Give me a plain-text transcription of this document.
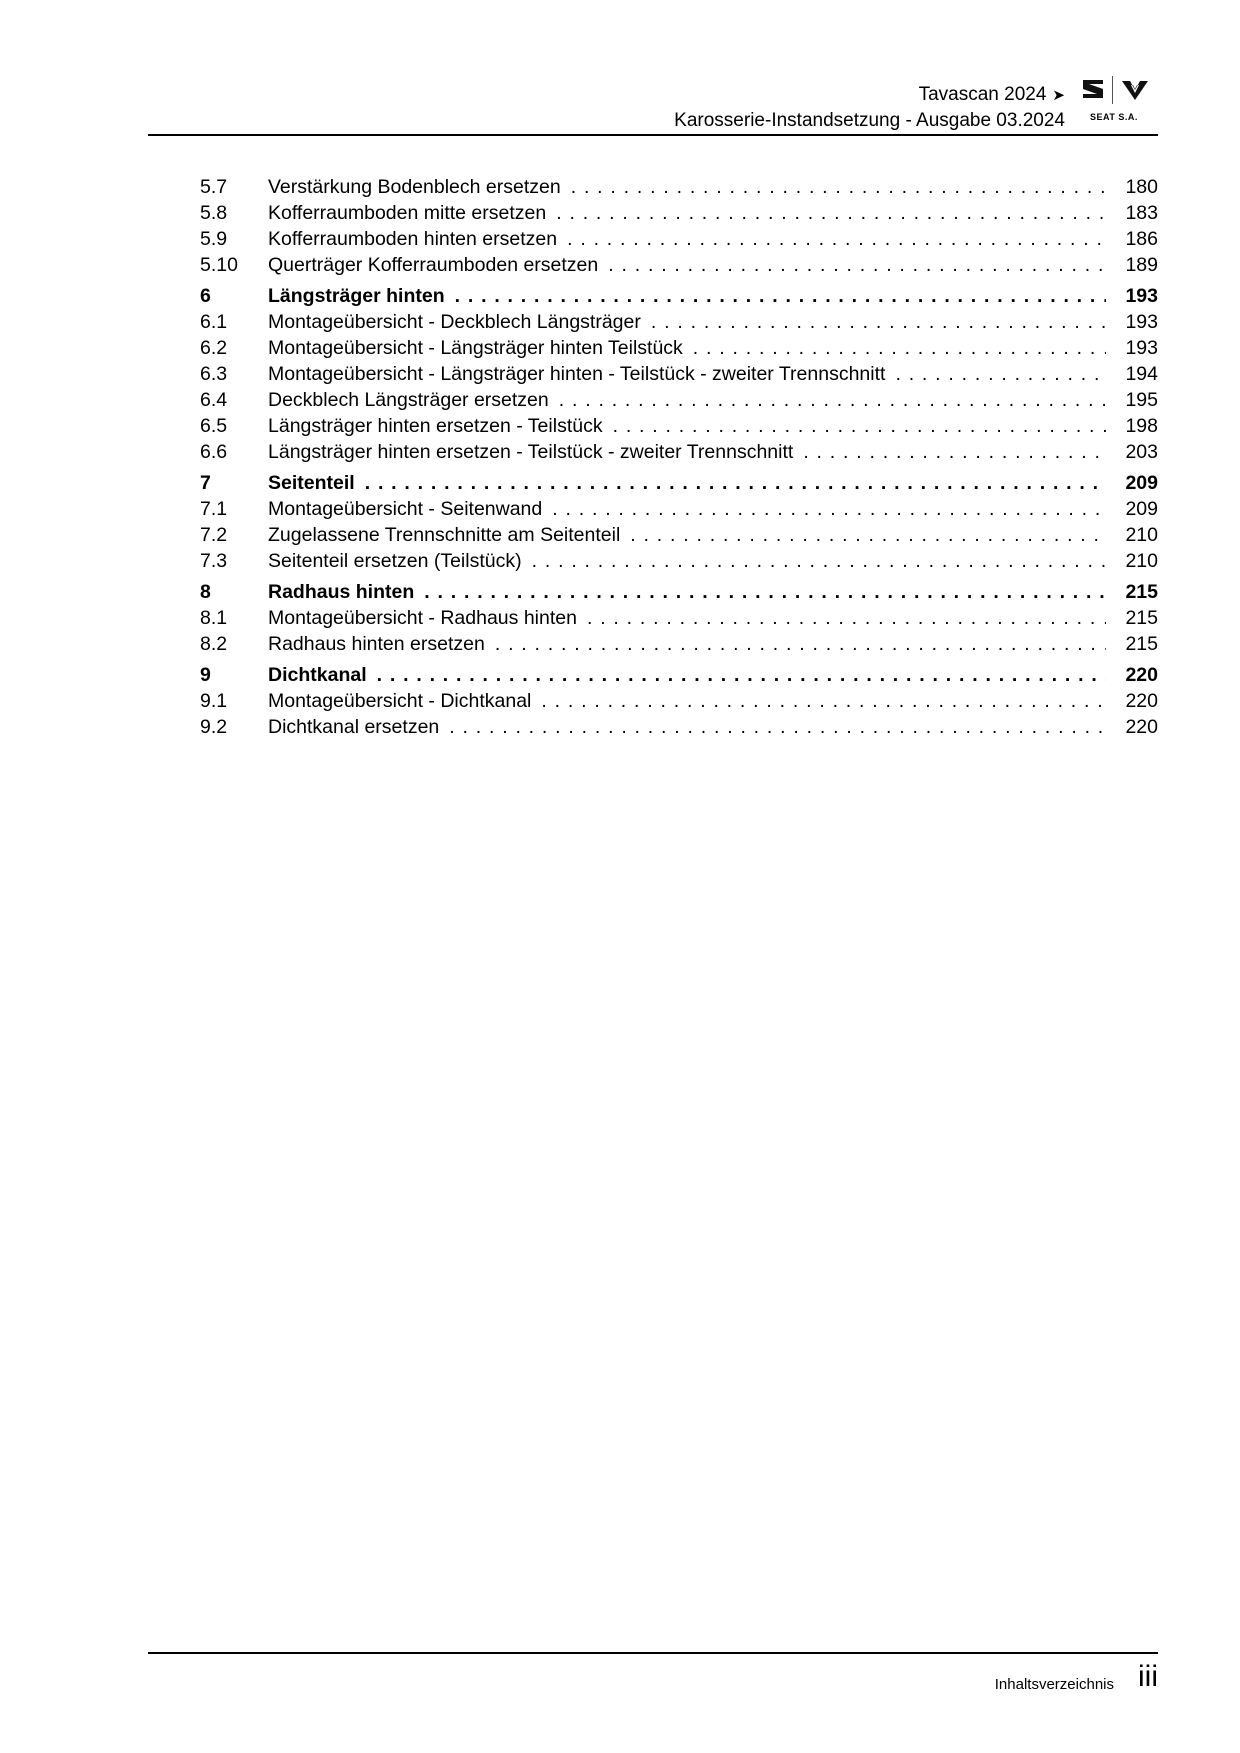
Tavascan 2024 ➤
Karosserie-Instandsetzung - Ausgabe 03.2024	SEAT S.A.
5.7 Verstärkung Bodenblech ersetzen . . .	180
5.8 Kofferraumboden mitte ersetzen . . .	183
5.9 Kofferraumboden hinten ersetzen . . .	186
5.10 Querträger Kofferraumboden ersetzen . . .	189
6	Längsträger hinten . . .	193
6.1 Montageübersicht - Deckblech Längsträger . . .	193
6.2 Montageübersicht - Längsträger hinten Teilstück . . .	193
6.3 Montageübersicht - Längsträger hinten - Teilstück - zweiter Trennschnitt . . .	194
6.4 Deckblech Längsträger ersetzen . . .	195
6.5 Längsträger hinten ersetzen - Teilstück . . .	198
6.6 Längsträger hinten ersetzen - Teilstück - zweiter Trennschnitt . . .	203
7	Seitenteil . . .	209
7.1 Montageübersicht - Seitenwand . . .	209
7.2 Zugelassene Trennschnitte am Seitenteil . . .	210
7.3 Seitenteil ersetzen (Teilstück) . . .	210
8	Radhaus hinten . . .	215
8.1 Montageübersicht - Radhaus hinten . . .	215
8.2 Radhaus hinten ersetzen . . .	215
9	Dichtkanal . . .	220
9.1 Montageübersicht - Dichtkanal . . .	220
9.2 Dichtkanal ersetzen . . .	220
Inhaltsverzeichnis iii
